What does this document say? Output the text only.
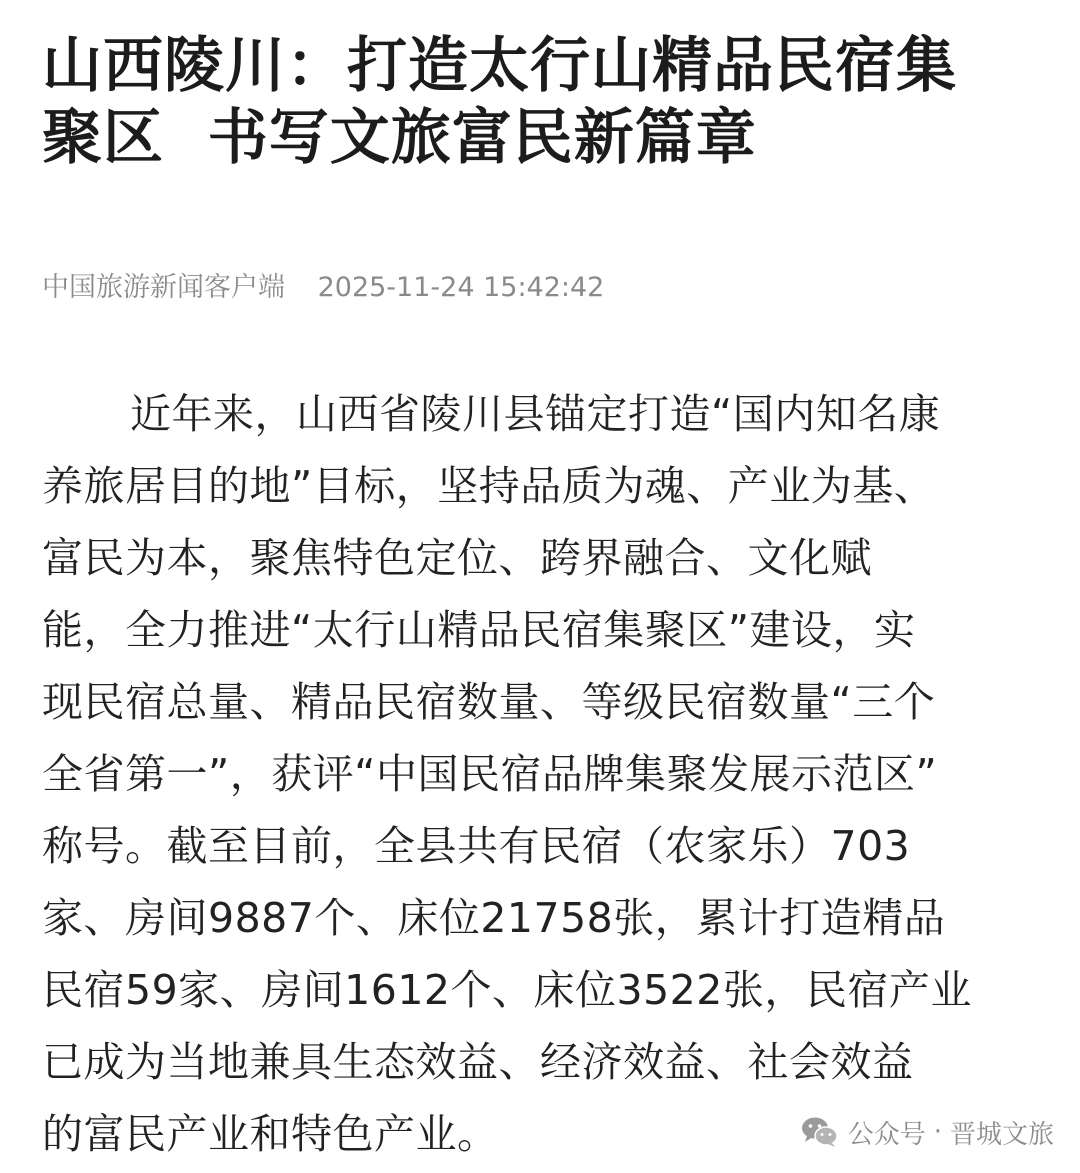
山西陵川：打造太行山精品民宿集
聚区  书写文旅富民新篇章
中国旅游新闻客户端 2025-11-24 15:42:42
近年来，山西省陵川县锚定打造“国内知名康
养旅居目的地”目标，坚持品质为魂、产业为基、
富民为本，聚焦特色定位、跨界融合、文化赋
能，全力推进“太行山精品民宿集聚区”建设，实
现民宿总量、精品民宿数量、等级民宿数量“三个
全省第一”，获评“中国民宿品牌集聚发展示范区”
称号。截至目前，全县共有民宿（农家乐）703
家、房间9887个、床位21758张，累计打造精品
民宿59家、房间1612个、床位3522张，民宿产业
已成为当地兼具生态效益、经济效益、社会效益
的富民产业和特色产业。	公众号 · 晋城文旅
